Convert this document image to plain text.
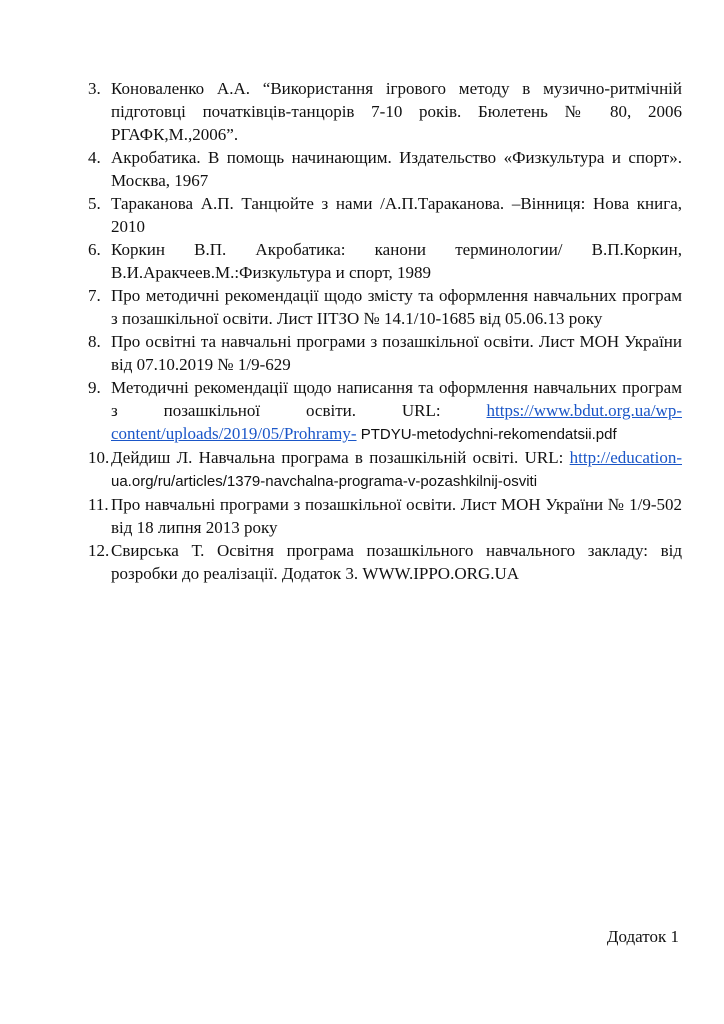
3. Коноваленко А.А. “Використання ігрового методу в музично-ритмічній підготовці початківців-танцорів 7-10 років. Бюлетень № 80, 2006 РГАФК,М.,2006”.
4. Акробатика. В помощь начинающим. Издательство «Физкультура и спорт». Москва, 1967
5. Тараканова А.П. Танцюйте з нами /А.П.Тараканова. –Вінниця: Нова книга, 2010
6. Коркин В.П. Акробатика: канони терминологии/ В.П.Коркин, В.И.Аракчеев.М.:Физкультура и спорт, 1989
7. Про методичні рекомендації щодо змісту та оформлення навчальних програм з позашкільної освіти. Лист ІІТЗО № 14.1/10-1685 від 05.06.13 року
8. Про освітні та навчальні програми з позашкільної освіти. Лист МОН України від 07.10.2019 № 1/9-629
9. Методичні рекомендації щодо написання та оформлення навчальних програм з позашкільної освіти. URL: https://www.bdut.org.ua/wp-content/uploads/2019/05/Prohramy- PTDYU-metodychni-rekomendatsii.pdf
10. Дейдиш Л. Навчальна програма в позашкільній освіті. URL: http://education-ua.org/ru/articles/1379-navchalna-programa-v-pozashkilnij-osviti
11. Про навчальні програми з позашкільної освіти. Лист МОН України № 1/9-502 від 18 липня 2013 року
12. Свирська Т. Освітня програма позашкільного навчального закладу: від розробки до реалізації. Додаток 3. WWW.IPPO.ORG.UA
Додаток 1
